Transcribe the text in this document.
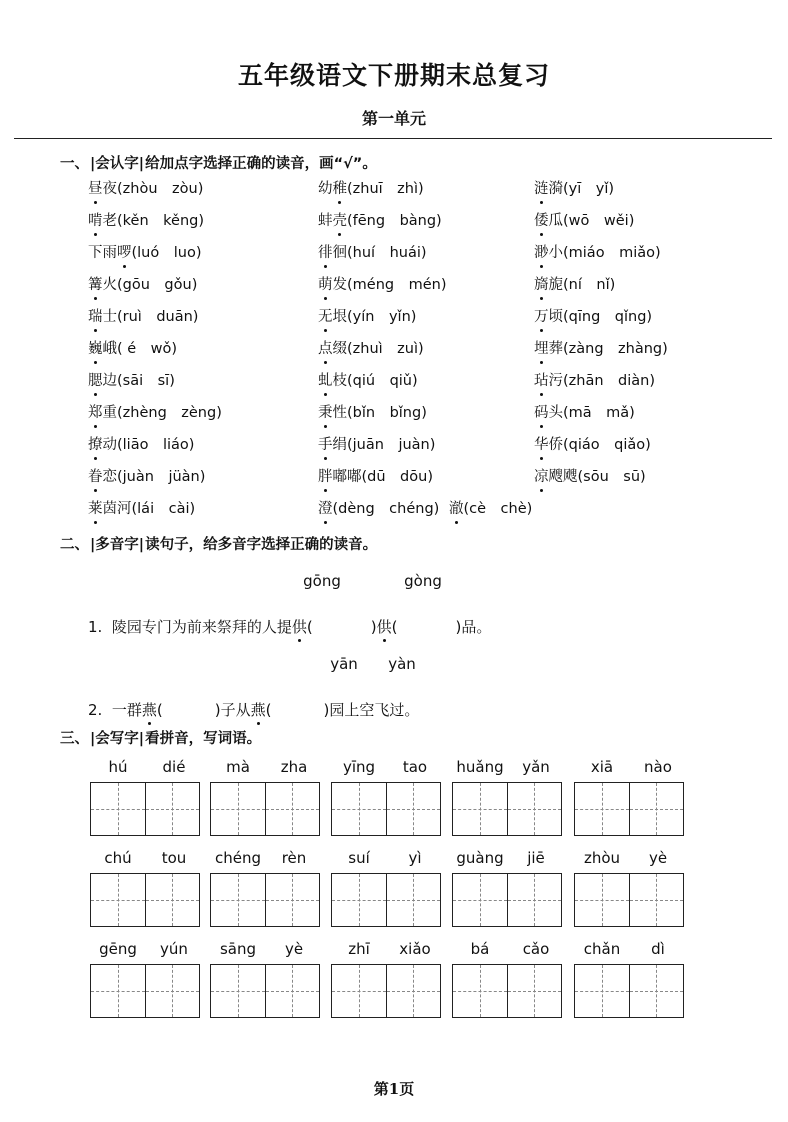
五年级语文下册期末总复习
第一单元
一、|会认字|给加点字选择正确的读音，画“√”。
昼夜(zhòu　zòu)	幼稚(zhuī　zhì)	涟漪(yī　yǐ)
啃老(kěn　kěng)	蚌壳(fēng　bàng)	倭瓜(wō　wěi)
下雨啰(luó　luo)	徘徊(huí　huái)	渺小(miáo　miǎo)
篝火(gōu　gǒu)	萌发(méng　mén)	旖旎(ní　nǐ)
瑞士(ruì　duān)	无垠(yín　yǐn)	万顷(qīng　qǐng)
巍峨( é　wǒ)	点缀(zhuì　zuì)	埋葬(zàng　zhàng)
腮边(sāi　sī)	虬枝(qiú　qiǔ)	玷污(zhān　diàn)
郑重(zhèng　zèng)	秉性(bǐn　bǐng)	码头(mā　mǎ)
撩动(liāo　liáo)	手绢(juān　juàn)	华侨(qiáo　qiǎo)
眷恋(juàn　jüàn)	胖嘟嘟(dū　dōu)	凉飕飕(sōu　sū)
莱茵河(lái　cài)	澄(dèng　chéng) 澈(cè　chè)
二、|多音字|读句子，给多音字选择正确的读音。
gōng	gòng
1. 陵园专门为前来祭拜的人提供(	)供(	)品。
yān	yàn
2. 一群燕(	)子从燕(	)园上空飞过。
三、|会写字|看拼音，写词语。
hú	dié	mà	zha	yīng	tao	huǎng	yǎn	xiā	nào
chú	tou	chéng	rèn	suí	yì	guàng	jiē	zhòu	yè
gēng	yún	sāng	yè	zhī	xiǎo	bá	cǎo	chǎn	dì
第1页
